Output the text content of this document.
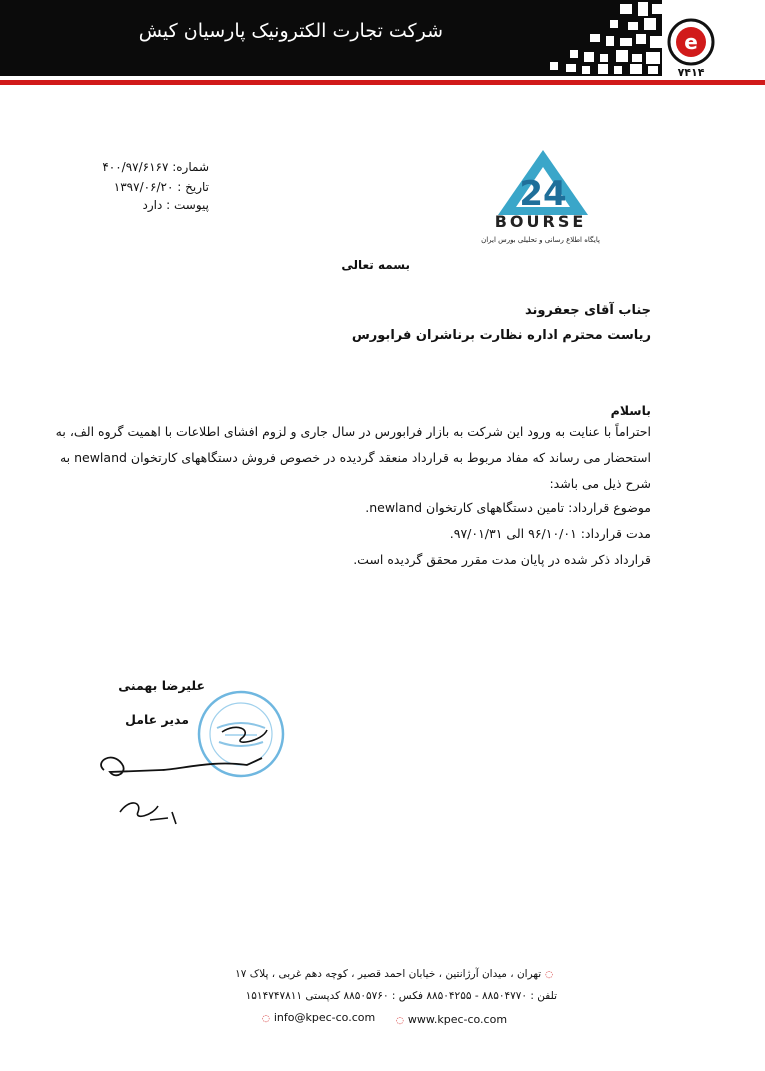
شرکت تجارت الکترونیک پارسیان کیش	e
۷۴۱۴
شماره: ۴۰۰/۹۷/۶۱۶۷
تاریخ : ۱۳۹۷/۰۶/۲۰
پیوست : دارد	24
BOURSE
پایگاه اطلاع رسانی و تحلیلی بورس ایران
بسمه تعالی
جناب آقای جعفروند
ریاست محترم اداره نظارت برناشران فرابورس
باسلام
احتراماً با عنایت به ورود این شرکت به بازار فرابورس در سال جاری و لزوم افشای اطلاعات با اهمیت گروه الف، به
استحضار می رساند که مفاد مربوط به قرارداد منعقد گردیده در خصوص فروش دستگاههای کارتخوان newland به
شرح ذیل می باشد:
موضوع قرارداد: تامین دستگاههای کارتخوان newland.
مدت قرارداد: ۹۶/۱۰/۰۱ الی ۹۷/۰۱/۳۱.
قرارداد ذکر شده در پایان مدت مقرر محقق گردیده است.
علیرضا بهمنی
مدیر عامل
◌تهران ، میدان آرژانتین ، خیابان احمد قصیر ، کوچه دهم غربی ، پلاک ۱۷
تلفن : ۸۸۵۰۴۷۷۰ - ۸۸۵۰۴۲۵۵ فکس : ۸۸۵۰۵۷۶۰ کدپستی ۱۵۱۴۷۴۷۸۱۱
◌ info@kpec-co.com	◌ www.kpec-co.com
